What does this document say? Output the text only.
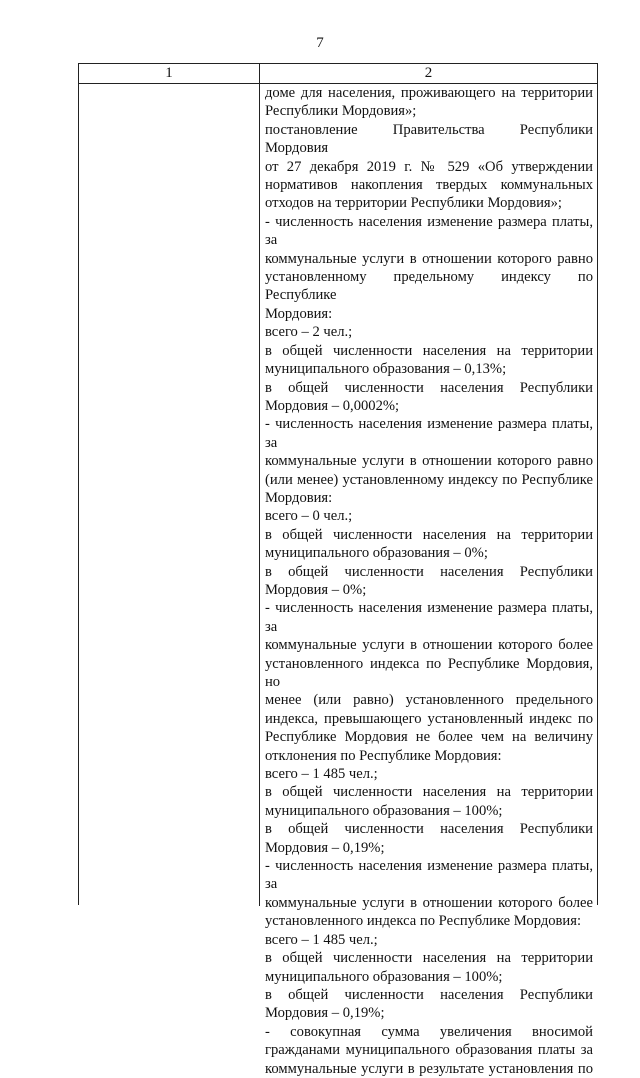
7
1	2
доме для населения, проживающего на территории
Республики Мордовия»;
постановление Правительства Республики Мордовия
от 27 декабря 2019 г. № 529 «Об утверждении
нормативов накопления твердых коммунальных
отходов на территории Республики Мордовия»;
- численность населения изменение размера платы, за
коммунальные услуги в отношении которого равно
установленному предельному индексу по Республике
Мордовия:
всего – 2 чел.;
в общей численности населения на территории
муниципального образования – 0,13%;
в общей численности населения Республики
Мордовия – 0,0002%;
- численность населения изменение размера платы, за
коммунальные услуги в отношении которого равно
(или менее) установленному индексу по Республике
Мордовия:
всего – 0 чел.;
в общей численности населения на территории
муниципального образования – 0%;
в общей численности населения Республики
Мордовия – 0%;
- численность населения изменение размера платы, за
коммунальные услуги в отношении которого более
установленного индекса по Республике Мордовия, но
менее (или равно) установленного предельного
индекса, превышающего установленный индекс по
Республике Мордовия не более чем на величину
отклонения по Республике Мордовия:
всего – 1 485 чел.;
в общей численности населения на территории
муниципального образования – 100%;
в общей численности населения Республики
Мордовия – 0,19%;
- численность населения изменение размера платы, за
коммунальные услуги в отношении которого более
установленного индекса по Республике Мордовия:
всего – 1 485 чел.;
в общей численности населения на территории
муниципального образования – 100%;
в общей численности населения Республики
Мордовия – 0,19%;
- совокупная сумма увеличения вносимой
гражданами муниципального образования платы за
коммунальные услуги в результате установления по
